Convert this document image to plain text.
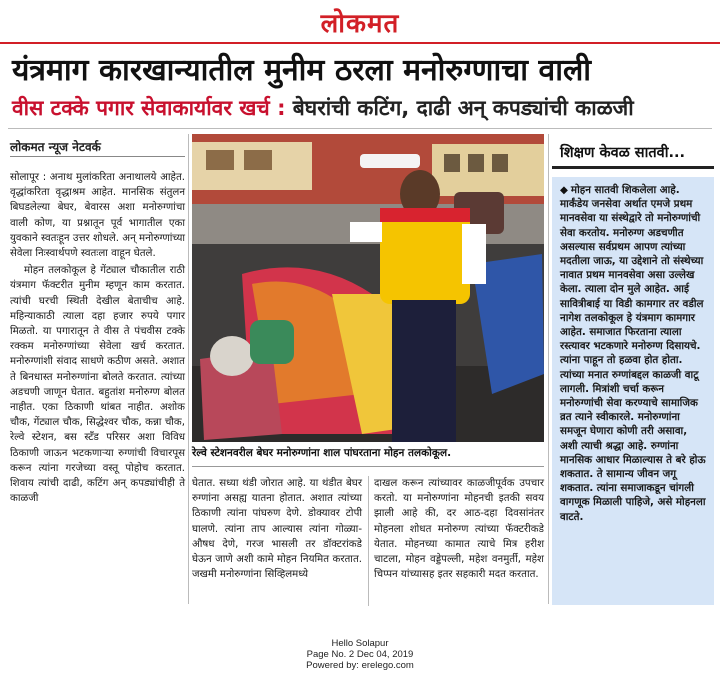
लोकमत
यंत्रमाग कारखान्यातील मुनीम ठरला मनोरुग्णाचा वाली
वीस टक्के पगार सेवाकार्यावर खर्च : बेघरांची कटिंग, दाढी अन् कपड्यांची काळजी
लोकमत न्यूज नेटवर्क

सोलापूर : अनाथ मुलांकरिता अनाथालये आहेत. वृद्धांकरिता वृद्धाश्रम आहेत. मानसिक संतुलन बिघडलेल्या बेघर, बेवारस अशा मनोरुग्णांचा वाली कोण, या प्रश्नातून पूर्व भागातील एका युवकाने स्वतःहून उत्तर शोधले. अन् मनोरुग्णांच्या सेवेला निःस्वार्थपणे स्वतःला वाहून घेतले.

मोहन तलकोकूल हे गेंट्याल चौकातील राठी यंत्रमाग फॅक्टरीत मुनीम म्हणून काम करतात. त्यांची घरची स्थिती देखील बेताचीच आहे. महिन्याकाठी त्याला दहा हजार रुपये पगार मिळतो. या पगारातून ते वीस ते पंचवीस टक्के रक्कम मनोरुग्णांच्या सेवेला खर्च करतात. मनोरुग्णांशी संवाद साधणे कठीण असते. अशात ते बिनधास्त मनोरुग्णांना बोलते करतात. त्यांच्या अडचणी जाणून घेतात. बहुतांश मनोरुग्ण बोलत नाहीत. एका ठिकाणी थांबत नाहीत. अशोक चौक, गेंट्याल चौक, सिद्धेश्वर चौक, कन्ना चौक, रेल्वे स्टेशन, बस स्टँड परिसर अशा विविध ठिकाणी जाऊन भटकणाऱ्या रुग्णांची विचारपूस करून त्यांना गरजेच्या वस्तू पोहोच करतात. शिवाय त्यांची दाढी, कटिंग अन् कपड्यांचीही ते काळजी

रेल्वे स्टेशनवरील बेघर मनोरुग्णांना शाल पांघरताना मोहन तलकोकूल.
घेतात. सध्या थंडी जोरात आहे. या थंडीत बेघर रुग्णांना असह्य यातना होतात. अशात त्यांच्या ठिकाणी त्यांना पांघरुण देणे. डोक्यावर टोपी घालणे. त्यांना ताप आल्यास त्यांना गोळ्या-औषध देणे, गरज भासली तर डॉक्टरांकडे घेऊन जाणे अशी कामे मोहन नियमित करतात. जखमी मनोरुग्णांना सिव्हिलमध्ये
दाखल करून त्यांच्यावर काळजीपूर्वक उपचार करतो. या मनोरुग्णांना मोहनची इतकी सवय झाली आहे की, दर आठ-दहा दिवसांनंतर मोहनला शोधत मनोरुग्ण त्यांच्या फॅक्टरीकडे येतात. मोहनच्या कामात त्याचे मित्र हरीश चाटला, मोहन वड्डेपल्ली, महेश वनमुर्ती, महेश चिप्पन यांच्यासह इतर सहकारी मदत करतात.
शिक्षण केवळ सातवी...
◆ मोहन सातवी शिकलेला आहे. मार्कंडेय जनसेवा अर्थात एमजे प्रथम मानवसेवा या संस्थेद्वारे तो मनोरुग्णांची सेवा करतोय. मनोरुग्ण अडचणीत असल्यास सर्वप्रथम आपण त्यांच्या मदतीला जाऊ, या उद्देशाने तो संस्थेच्या नावात प्रथम मानवसेवा असा उल्लेख केला. त्याला दोन मुले आहेत. आई सावित्रीबाई या विडी कामगार तर वडील नागेश तलकोकूल हे यंत्रमाग कामगार आहेत. समाजात फिरताना त्याला रस्त्यावर भटकणारे मनोरुग्ण दिसायचे. त्यांना पाहून तो हळवा होत होता. त्यांच्या मनात रुग्णांबद्दल काळजी वाटू लागली. मित्रांशी चर्चा करून मनोरुग्णांची सेवा करण्याचे सामाजिक व्रत त्याने स्वीकारले. मनोरुग्णांना समजून घेणारा कोणी तरी असावा, अशी त्याची श्रद्धा आहे. रुग्णांना मानसिक आधार मिळाल्यास ते बरे होऊ शकतात. ते सामान्य जीवन जगू शकतात. त्यांना समाजाकडून चांगली वागणूक मिळाली पाहिजे, असे मोहनला वाटते.
Hello Solapur
Page No. 2 Dec 04, 2019
Powered by: erelego.com
